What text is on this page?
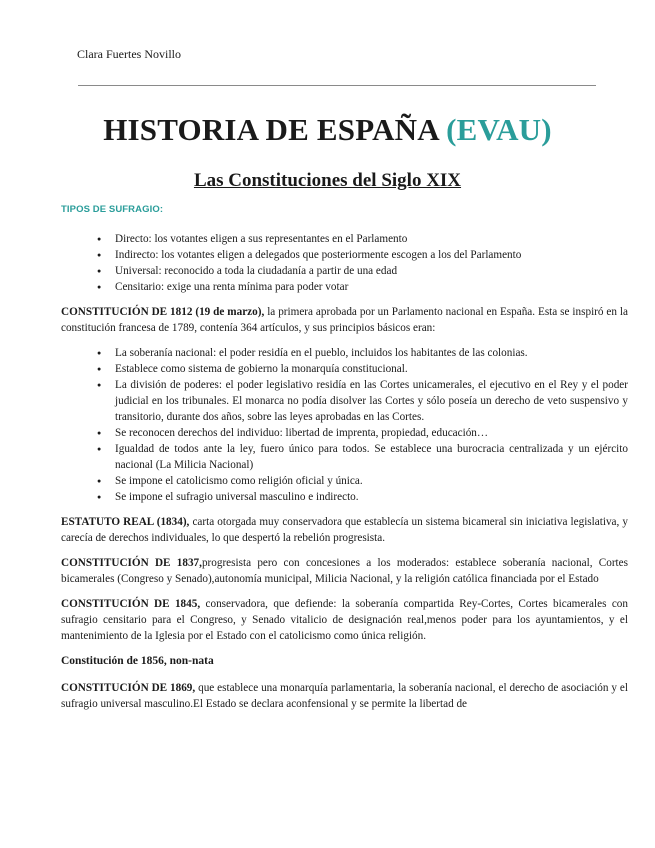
Clara Fuertes Novillo
HISTORIA DE ESPAÑA (EVAU)
Las Constituciones del Siglo XIX
TIPOS DE SUFRAGIO:
● Directo: los votantes eligen a sus representantes en el Parlamento
● Indirecto: los votantes eligen a delegados que posteriormente escogen a los del Parlamento
● Universal: reconocido a toda la ciudadanía a partir de una edad
● Censitario: exige una renta mínima para poder votar

CONSTITUCIÓN DE 1812 (19 de marzo), la primera aprobada por un Parlamento nacional en España. Esta se inspiró en la constitución francesa de 1789, contenía 364 artículos, y sus principios básicos eran:

● La soberanía nacional: el poder residía en el pueblo, incluidos los habitantes de las colonias.
● Establece como sistema de gobierno la monarquía constitucional.
● La división de poderes: el poder legislativo residía en las Cortes unicamerales, el ejecutivo en el Rey y el poder judicial en los tribunales. El monarca no podía disolver las Cortes y sólo poseía un derecho de veto suspensivo y transitorio, durante dos años, sobre las leyes aprobadas en las Cortes.
● Se reconocen derechos del individuo: libertad de imprenta, propiedad, educación…
● Igualdad de todos ante la ley, fuero único para todos. Se establece una burocracia centralizada y un ejército nacional (La Milicia Nacional)
● Se impone el catolicismo como religión oficial y única.
● Se impone el sufragio universal masculino e indirecto.

ESTATUTO REAL (1834), carta otorgada muy conservadora que establecía un sistema bicameral sin iniciativa legislativa, y carecía de derechos individuales, lo que despertó la rebelión progresista.

CONSTITUCIÓN DE 1837,progresista pero con concesiones a los moderados: establece soberanía nacional, Cortes bicamerales (Congreso y Senado),autonomía municipal, Milicia Nacional, y la religión católica financiada por el Estado

CONSTITUCIÓN DE 1845, conservadora, que defiende: la soberanía compartida Rey-Cortes, Cortes bicamerales con sufragio censitario para el Congreso, y Senado vitalicio de designación real,menos poder para los ayuntamientos, y el mantenimiento de la Iglesia por el Estado con el catolicismo como única religión.

Constitución de 1856, non-nata

CONSTITUCIÓN DE 1869, que establece una monarquía parlamentaria, la soberanía nacional, el derecho de asociación y el sufragio universal masculino.El Estado se declara aconfensional y se permite la libertad de
